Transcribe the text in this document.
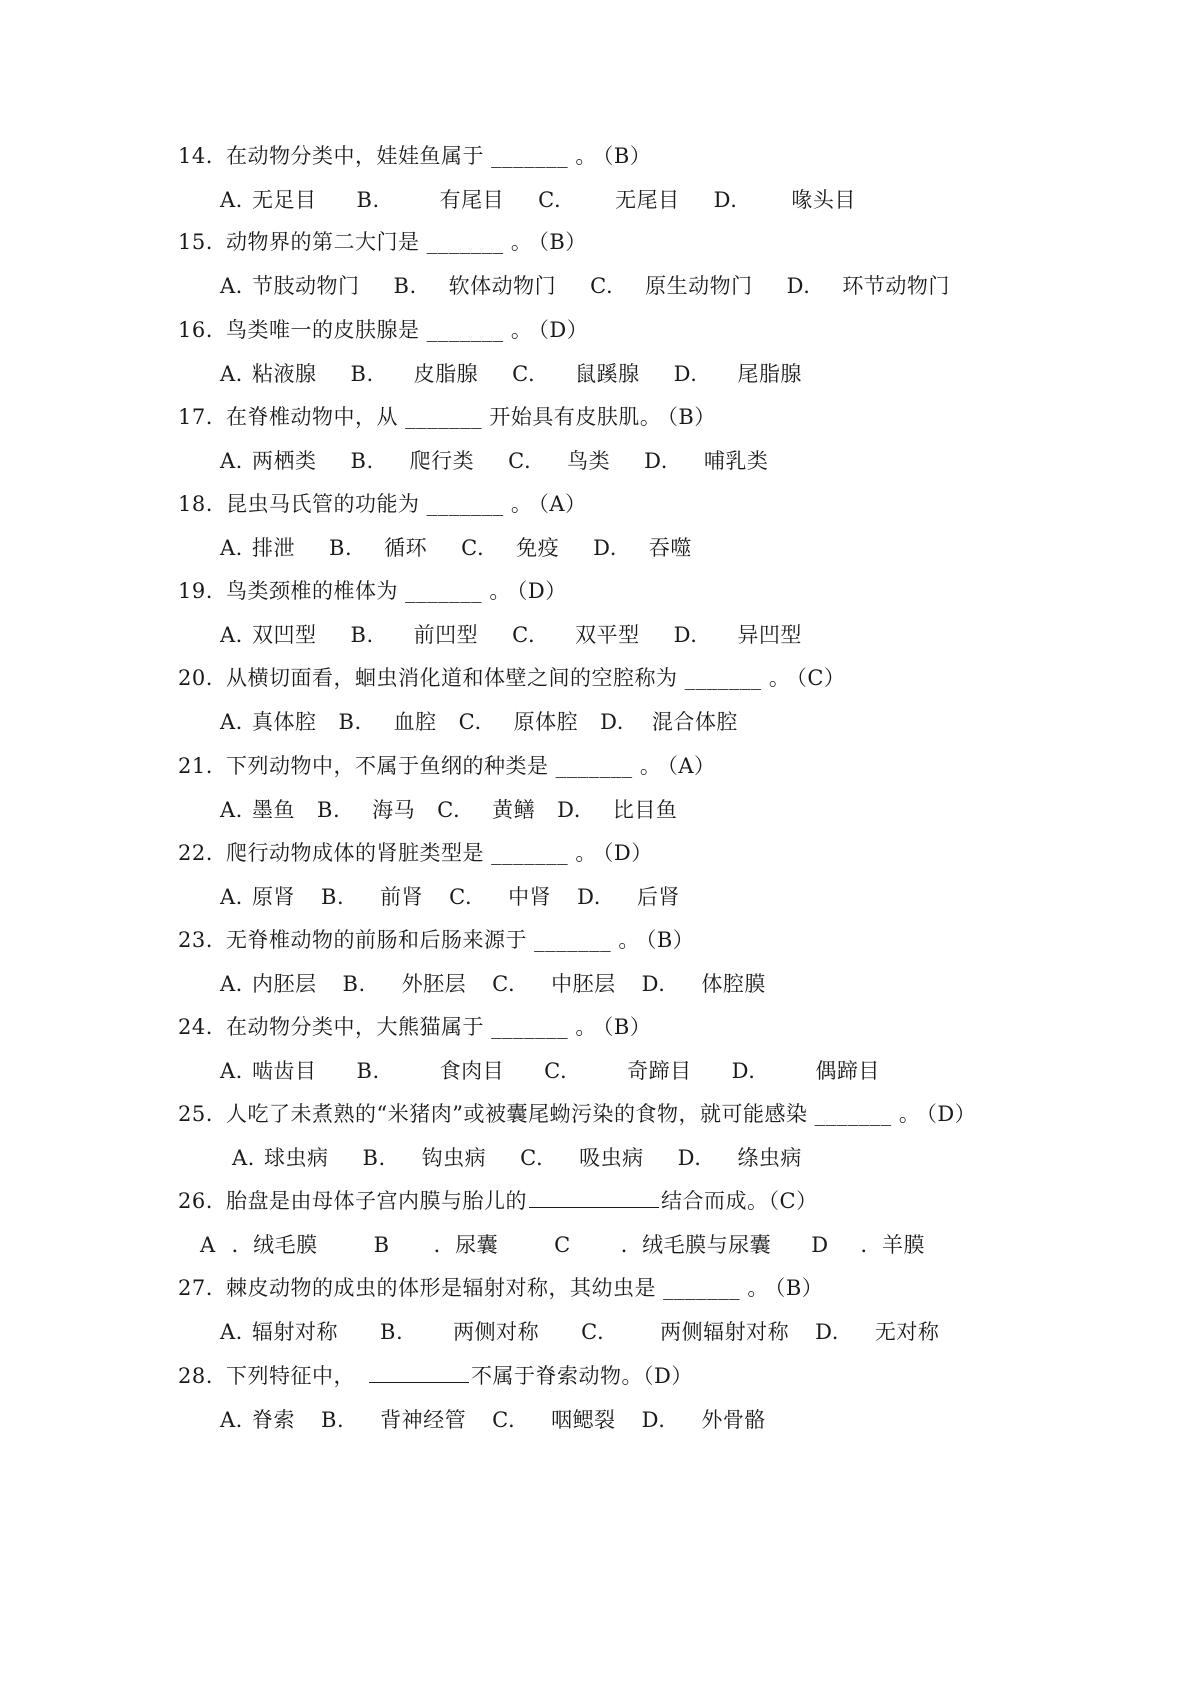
14. 在动物分类中，娃娃鱼属于 _______ 。 （B）
A. 无足目 B.	有尾目 C.	无尾目 D.	喙头目
15. 动物界的第二大门是 _______ 。 （B）
A. 节肢动物门 B. 软体动物门 C. 原生动物门 D. 环节动物门
16. 鸟类唯一的皮肤腺是 _______ 。 （D）
A. 粘液腺 B. 皮脂腺 C. 鼠蹊腺 D. 尾脂腺
17. 在脊椎动物中，从 _______ 开始具有皮肤肌。 （B）
A. 两栖类 B. 爬行类 C. 鸟类 D. 哺乳类
18. 昆虫马氏管的功能为 _______ 。 （A）
A. 排泄 B. 循环 C. 免疫 D. 吞噬
19. 鸟类颈椎的椎体为 _______ 。 （D）
A. 双凹型 B. 前凹型 C. 双平型 D. 异凹型
20. 从横切面看，蛔虫消化道和体壁之间的空腔称为 _______ 。 （C）
A. 真体腔 B. 血腔 C. 原体腔 D. 混合体腔
21. 下列动物中，不属于鱼纲的种类是 _______ 。 （A）
A. 墨鱼 B. 海马 C. 黄鳝 D. 比目鱼
22. 爬行动物成体的肾脏类型是 _______ 。 （D）
A. 原肾 B. 前肾 C. 中肾 D. 后肾
23. 无脊椎动物的前肠和后肠来源于 _______ 。 （B）
A. 内胚层 B. 外胚层 C. 中胚层 D. 体腔膜
24. 在动物分类中，大熊猫属于 _______ 。 （B）
A. 啮齿目 B.	食肉目 C.	奇蹄目 D.	偶蹄目
25. 人吃了未煮熟的“米猪肉”或被囊尾蚴污染的食物，就可能感染 _______ 。 （D）
A. 球虫病 B. 钩虫病 C. 吸虫病 D. 绦虫病
26. 胎盘是由母体子宫内膜与胎儿的	结合而成。（C）
A ．绒毛膜	B ．尿囊	C ．绒毛膜与尿囊 D ．羊膜
27. 棘皮动物的成虫的体形是辐射对称，其幼虫是 _______ 。 （B）
A. 辐射对称 B. 两侧对称 C.	两侧辐射对称 D. 无对称
28. 下列特征中，	不属于脊索动物。（D）
A. 脊索 B. 背神经管 C. 咽鳃裂 D. 外骨骼
